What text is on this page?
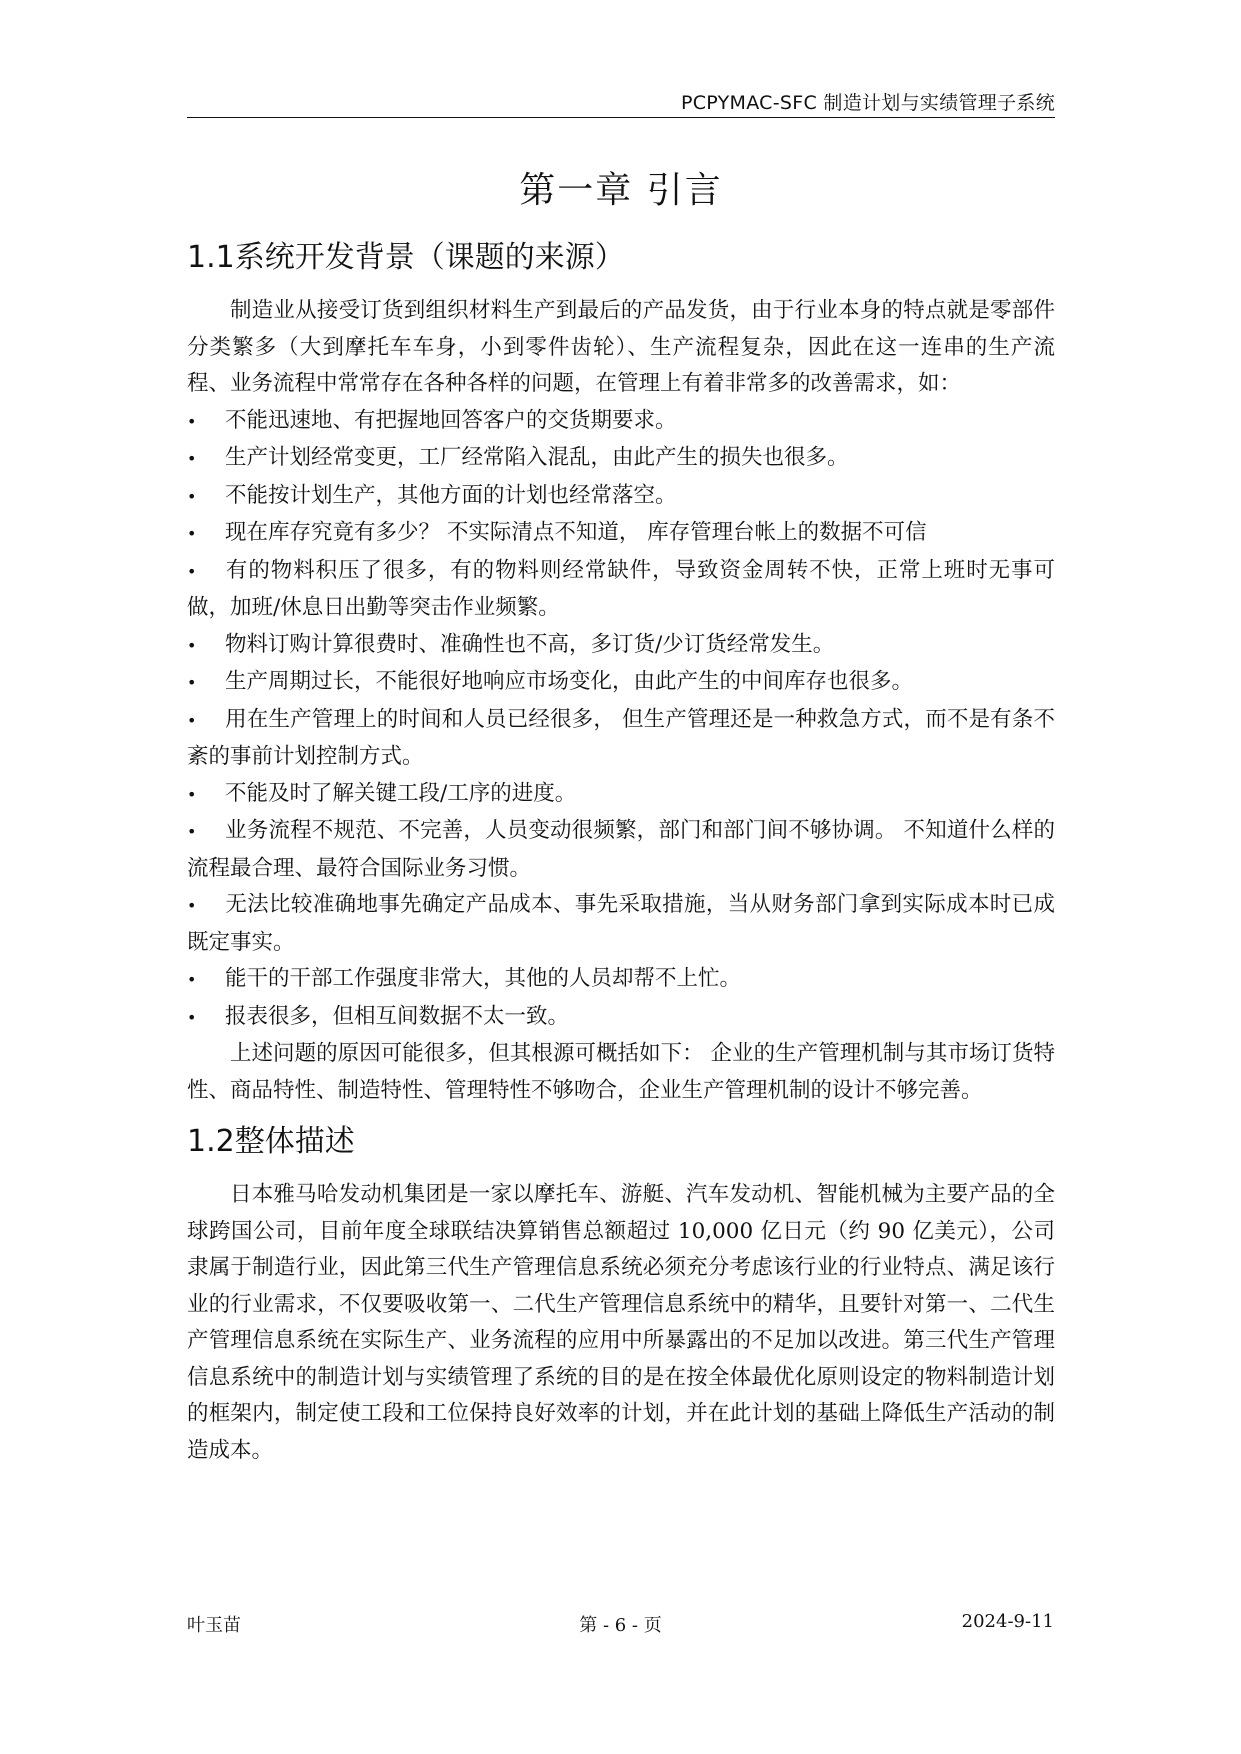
PCPYMAC-SFC 制造计划与实绩管理子系统
第一章 引言
1.1系统开发背景（课题的来源）

制造业从接受订货到组织材料生产到最后的产品发货，由于行业本身的特点就是零部件分类繁多（大到摩托车车身，小到零件齿轮）、生产流程复杂，因此在这一连串的生产流程、业务流程中常常存在各种各样的问题，在管理上有着非常多的改善需求，如：

• 不能迅速地、有把握地回答客户的交货期要求。
• 生产计划经常变更，工厂经常陷入混乱，由此产生的损失也很多。
• 不能按计划生产，其他方面的计划也经常落空。
• 现在库存究竟有多少？ 不实际清点不知道， 库存管理台帐上的数据不可信
• 有的物料积压了很多，有的物料则经常缺件，导致资金周转不快，正常上班时无事可做，加班/休息日出勤等突击作业频繁。
• 物料订购计算很费时、准确性也不高，多订货/少订货经常发生。
• 生产周期过长，不能很好地响应市场变化，由此产生的中间库存也很多。
• 用在生产管理上的时间和人员已经很多， 但生产管理还是一种救急方式，而不是有条不紊的事前计划控制方式。
• 不能及时了解关键工段/工序的进度。
• 业务流程不规范、不完善，人员变动很频繁，部门和部门间不够协调。 不知道什么样的流程最合理、最符合国际业务习惯。
• 无法比较准确地事先确定产品成本、事先采取措施，当从财务部门拿到实际成本时已成既定事实。
• 能干的干部工作强度非常大，其他的人员却帮不上忙。
• 报表很多，但相互间数据不太一致。

上述问题的原因可能很多，但其根源可概括如下： 企业的生产管理机制与其市场订货特性、商品特性、制造特性、管理特性不够吻合，企业生产管理机制的设计不够完善。

1.2整体描述

日本雅马哈发动机集团是一家以摩托车、游艇、汽车发动机、智能机械为主要产品的全球跨国公司，目前年度全球联结决算销售总额超过 10,000 亿日元（约 90 亿美元），公司隶属于制造行业，因此第三代生产管理信息系统必须充分考虑该行业的行业特点、满足该行业的行业需求，不仅要吸收第一、二代生产管理信息系统中的精华，且要针对第一、二代生产管理信息系统在实际生产、业务流程的应用中所暴露出的不足加以改进。第三代生产管理信息系统中的制造计划与实绩管理了系统的目的是在按全体最优化原则设定的物料制造计划的框架内，制定使工段和工位保持良好效率的计划，并在此计划的基础上降低生产活动的制造成本。

叶玉苗	第 - 6 - 页	2024-9-11
